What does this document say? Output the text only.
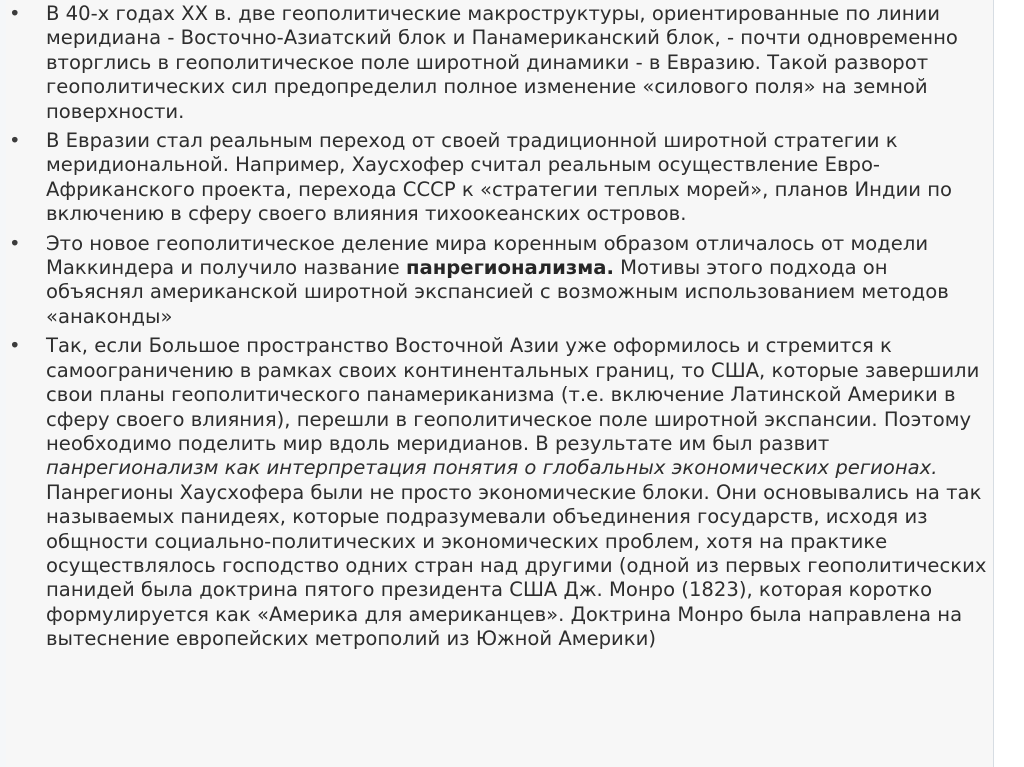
• В 40-х годах XX в. две геополитические макроструктуры, ориентированные по линии меридиана - Восточно-Азиатский блок и Панамериканский блок, - почти одновременно вторглись в геополитическое поле широтной динамики - в Евразию. Такой разворот геополитических сил предопределил полное изменение «силового поля» на земной поверхности.
• В Евразии стал реальным переход от своей традиционной широтной стратегии к меридиональной. Например, Хаусхофер считал реальным осуществление Евро-Африканского проекта, перехода СССР к «стратегии теплых морей», планов Индии по включению в сферу своего влияния тихоокеанских островов.
• Это новое геополитическое деление мира коренным образом отличалось от модели Маккиндера и получило название панрегионализма. Мотивы этого подхода он объяснял американской широтной экспансией с возможным использованием методов «анаконды»
• Так, если Большое пространство Восточной Азии уже оформилось и стремится к самоограничению в рамках своих континентальных границ, то США, которые завершили свои планы геополитического панамериканизма (т.е. включение Латинской Америки в сферу своего влияния), перешли в геополитическое поле широтной экспансии. Поэтому необходимо поделить мир вдоль меридианов. В результате им был развит панрегионализм как интерпретация понятия о глобальных экономических регионах. Панрегионы Хаусхофера были не просто экономические блоки. Они основывались на так называемых панидеях, которые подразумевали объединения государств, исходя из общности социально-политических и экономических проблем, хотя на практике осуществлялось господство одних стран над другими (одной из первых геополитических панидей была доктрина пятого президента США Дж. Монро (1823), которая коротко формулируется как «Америка для американцев». Доктрина Монро была направлена на вытеснение европейских метрополий из Южной Америки)
